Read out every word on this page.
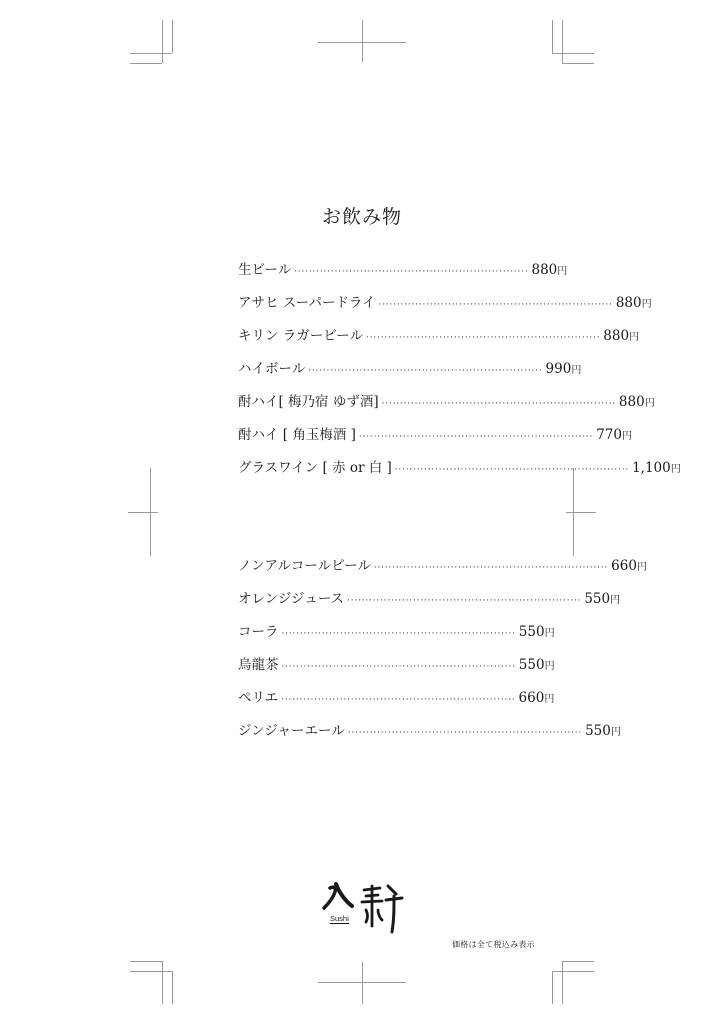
お飲み物
生ビール ································································ 880円
アサヒ スーパードライ ································································ 880円
キリン ラガービール ································································ 880円
ハイボール ································································ 990円
酎ハイ[ 梅乃宿 ゆず酒] ································································ 880円
酎ハイ [ 角玉梅酒 ] ································································ 770円
グラスワイン [ 赤 or 白 ] ································································ 1,100円
ノンアルコールビール ································································ 660円
オレンジジュース ································································ 550円
コーラ ································································ 550円
烏龍茶 ································································ 550円
ペリエ ································································ 660円
ジンジャーエール ································································ 550円
Sushi
価格は全て税込み表示
